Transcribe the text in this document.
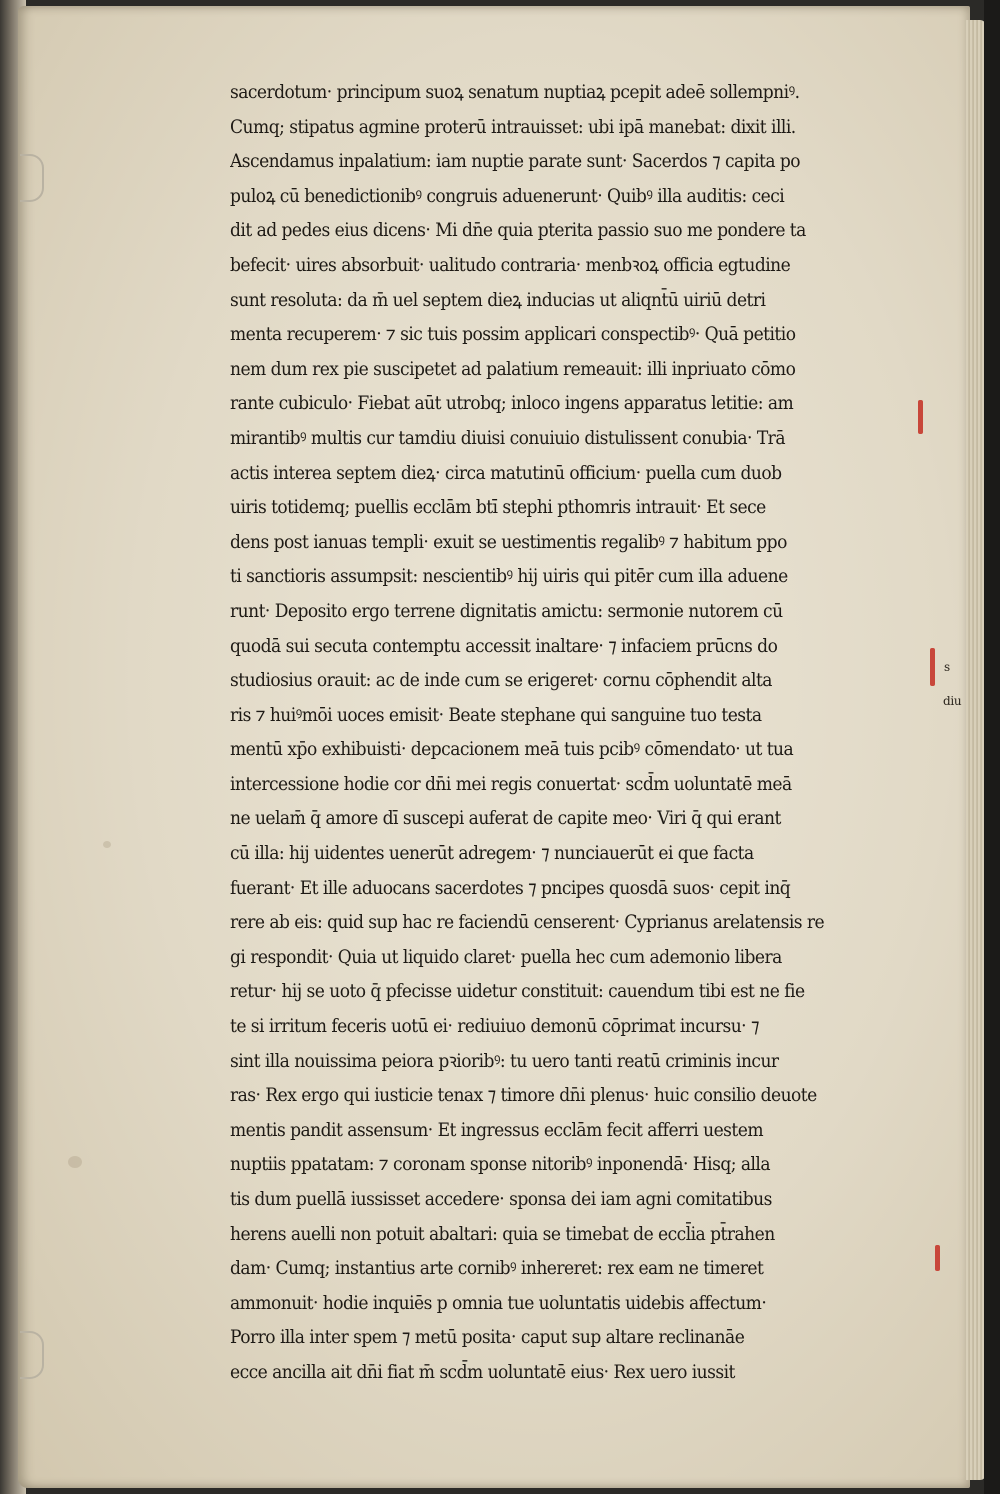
sacerdotum· principum suoꝝ senatum nuptiaꝝ pcepit adeē sollempniꝰ.
Cumq; stipatus agmine proterū intrauisset: ubi ipā manebat: dixit illi.
Ascendamus inpalatium: iam nuptie parate sunt· Sacerdos ⁊ capita po
puloꝝ cū benedictionibꝰ congruis aduenerunt· Quibꝰ illa auditis: ceci
dit ad pedes eius dicens· Mi dn̄e quia pterita passio suo me pondere ta
befecit· uires absorbuit· ualitudo contraria· menbꝛoꝝ officia egtudine
sunt resoluta: da m̄ uel septem dieꝝ inducias ut aliqnt̄ū uiriū detri
menta recuperem· ⁊ sic tuis possim applicari conspectibꝰ· Quā petitio
nem dum rex pie suscipetet ad palatium remeauit: illi inpriuato cōmo
rante cubiculo· Fiebat aūt utrobq; inloco ingens apparatus letitie: am
mirantibꝰ multis cur tamdiu diuisi conuiuio distulissent conubia· Trā
actis interea septem dieꝝ· circa matutinū officium· puella cum duob
uiris totidemq; puellis ecclām btī stephi pthomris intrauit· Et sece
dens post ianuas templi· exuit se uestimentis regalibꝰ ⁊ habitum ppo
ti sanctioris assumpsit: nescientibꝰ hij uiris qui pitēr cum illa aduene
runt· Deposito ergo terrene dignitatis amictu: sermonie nutorem cū
quodā sui secuta contemptu accessit inaltare· ⁊ infaciem prūcns do
studiosius orauit: ac de inde cum se erigeret· cornu cōphendit alta
ris ⁊ huiꝰmōi uoces emisit· Beate stephane qui sanguine tuo testa
mentū xp̄o exhibuisti· depcacionem meā tuis pcibꝰ cōmendato· ut tua
intercessione hodie cor dn̄i mei regis conuertat· scd̄m uoluntatē meā
ne uelam̄ q̄ amore dī suscepi auferat de capite meo· Viri q̄ qui erant
cū illa: hij uidentes uenerūt adregem· ⁊ nunciauerūt ei que facta
fuerant· Et ille aduocans sacerdotes ⁊ pncipes quosdā suos· cepit inq̄
rere ab eis: quid sup hac re faciendū censerent· Cyprianus arelatensis re
gi respondit· Quia ut liquido claret· puella hec cum ademonio libera
retur· hij se uoto q̄ pfecisse uidetur constituit: cauendum tibi est ne fie
te si irritum feceris uotū ei· rediuiuo demonū cōprimat incursu· ⁊
sint illa nouissima peiora pꝛioribꝰ: tu uero tanti reatū criminis incur
ras· Rex ergo qui iusticie tenax ⁊ timore dn̄i plenus· huic consilio deuote
mentis pandit assensum· Et ingressus ecclām fecit afferri uestem
nuptiis ppatatam: ⁊ coronam sponse nitoribꝰ inponendā· Hisq; alla
tis dum puellā iussisset accedere· sponsa dei iam agni comitatibus
herens auelli non potuit abaltari: quia se timebat de eccl̄ia pt̄rahen
dam· Cumq; instantius arte cornibꝰ inhereret: rex eam ne timeret
ammonuit· hodie inquiēs p omnia tue uoluntatis uidebis affectum·
Porro illa inter spem ⁊ metū posita· caput sup altare reclinanāe
ecce ancilla ait dn̄i fiat m̄ scd̄m uoluntatē eius· Rex uero iussit
s
diu
